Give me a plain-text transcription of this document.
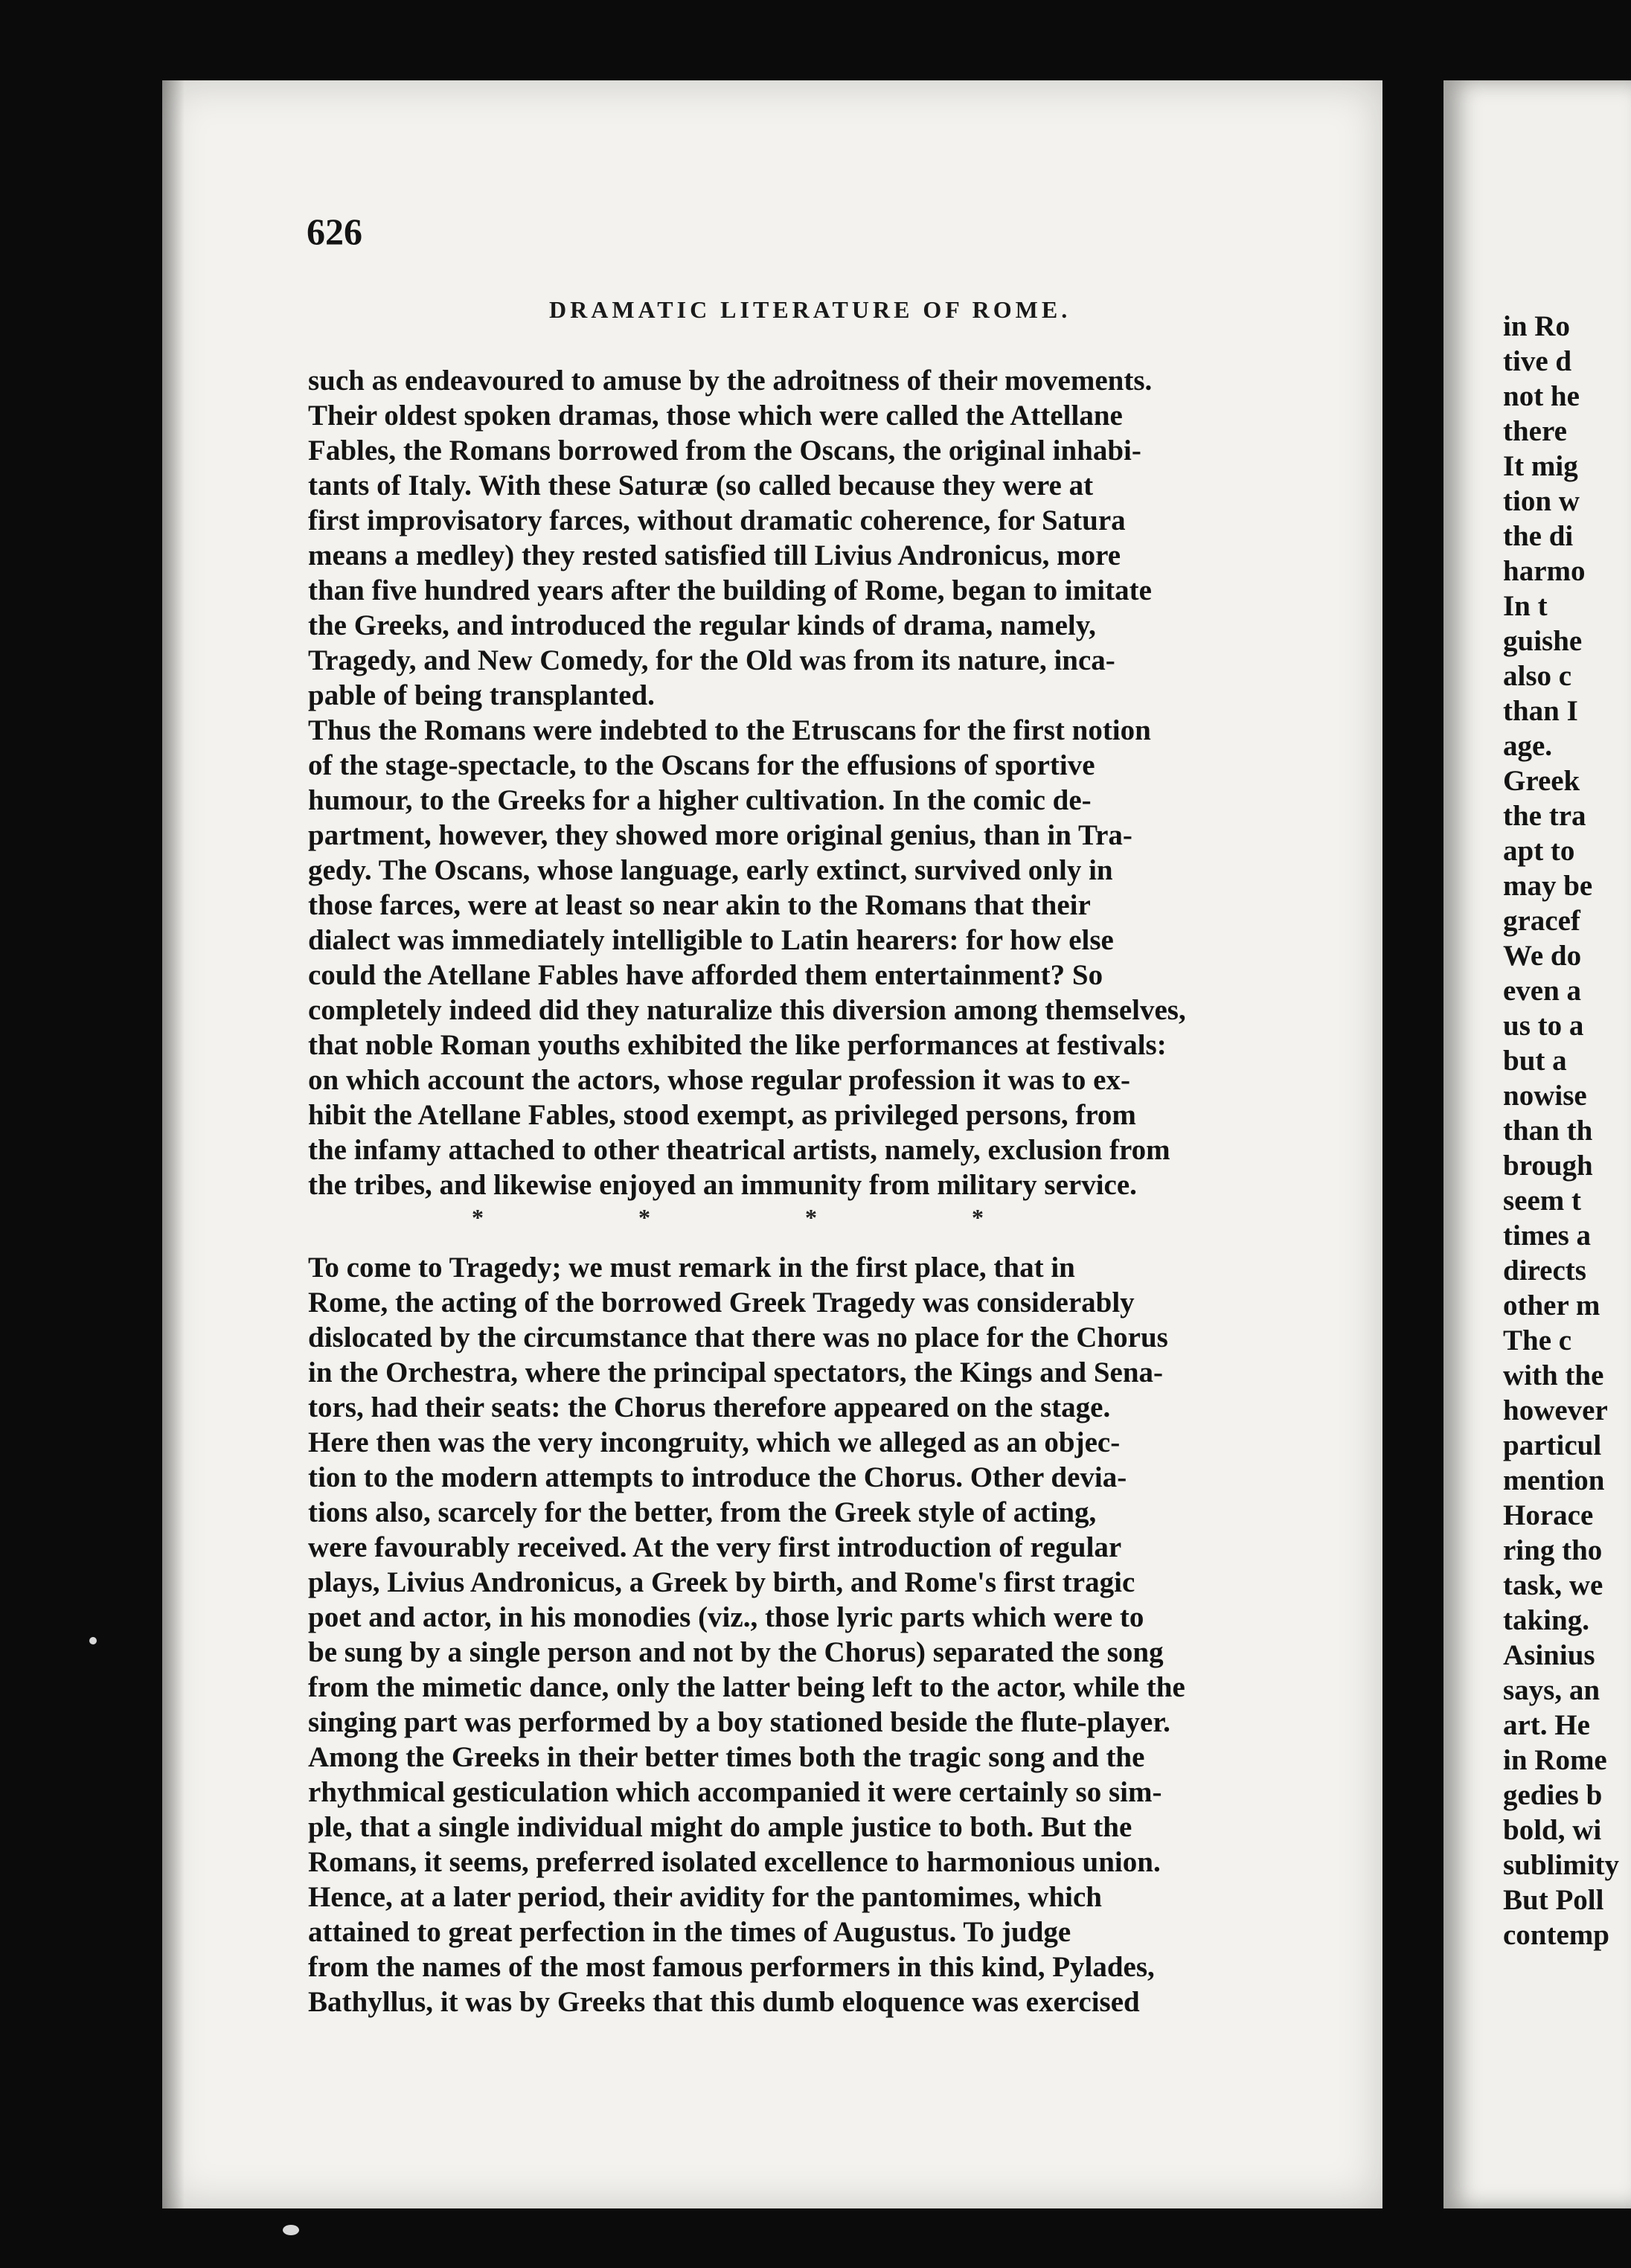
626
DRAMATIC LITERATURE OF ROME.
such as endeavoured to amuse by the adroitness of their movements.
Their oldest spoken dramas, those which were called the Attellane
Fables, the Romans borrowed from the Oscans, the original inhabi-
tants of Italy. With these Saturæ (so called because they were at
first improvisatory farces, without dramatic coherence, for Satura
means a medley) they rested satisfied till Livius Andronicus, more
than five hundred years after the building of Rome, began to imitate
the Greeks, and introduced the regular kinds of drama, namely,
Tragedy, and New Comedy, for the Old was from its nature, inca-
pable of being transplanted.
Thus the Romans were indebted to the Etruscans for the first notion
of the stage-spectacle, to the Oscans for the effusions of sportive
humour, to the Greeks for a higher cultivation. In the comic de-
partment, however, they showed more original genius, than in Tra-
gedy. The Oscans, whose language, early extinct, survived only in
those farces, were at least so near akin to the Romans that their
dialect was immediately intelligible to Latin hearers: for how else
could the Atellane Fables have afforded them entertainment? So
completely indeed did they naturalize this diversion among themselves,
that noble Roman youths exhibited the like performances at festivals:
on which account the actors, whose regular profession it was to ex-
hibit the Atellane Fables, stood exempt, as privileged persons, from
the infamy attached to other theatrical artists, namely, exclusion from
the tribes, and likewise enjoyed an immunity from military service.
* * * *
To come to Tragedy; we must remark in the first place, that in
Rome, the acting of the borrowed Greek Tragedy was considerably
dislocated by the circumstance that there was no place for the Chorus
in the Orchestra, where the principal spectators, the Kings and Sena-
tors, had their seats: the Chorus therefore appeared on the stage.
Here then was the very incongruity, which we alleged as an objec-
tion to the modern attempts to introduce the Chorus. Other devia-
tions also, scarcely for the better, from the Greek style of acting,
were favourably received. At the very first introduction of regular
plays, Livius Andronicus, a Greek by birth, and Rome's first tragic
poet and actor, in his monodies (viz., those lyric parts which were to
be sung by a single person and not by the Chorus) separated the song
from the mimetic dance, only the latter being left to the actor, while the
singing part was performed by a boy stationed beside the flute-player.
Among the Greeks in their better times both the tragic song and the
rhythmical gesticulation which accompanied it were certainly so sim-
ple, that a single individual might do ample justice to both. But the
Romans, it seems, preferred isolated excellence to harmonious union.
Hence, at a later period, their avidity for the pantomimes, which
attained to great perfection in the times of Augustus. To judge
from the names of the most famous performers in this kind, Pylades,
Bathyllus, it was by Greeks that this dumb eloquence was exercised
in Ro
tive d
not he
there
It mig
tion w
the di
harmo
In t
guishe
also c
than I
age.
Greek
the tra
apt to
may be
gracef
We do
even a
us to a
but a
nowise
than th
brough
seem t
times a
directs
other m
The c
with the
however
particul
mention
Horace
ring tho
task, we
taking.
Asinius
says, an
art. He
in Rome
gedies b
bold, wi
sublimity
But Poll
contemp
